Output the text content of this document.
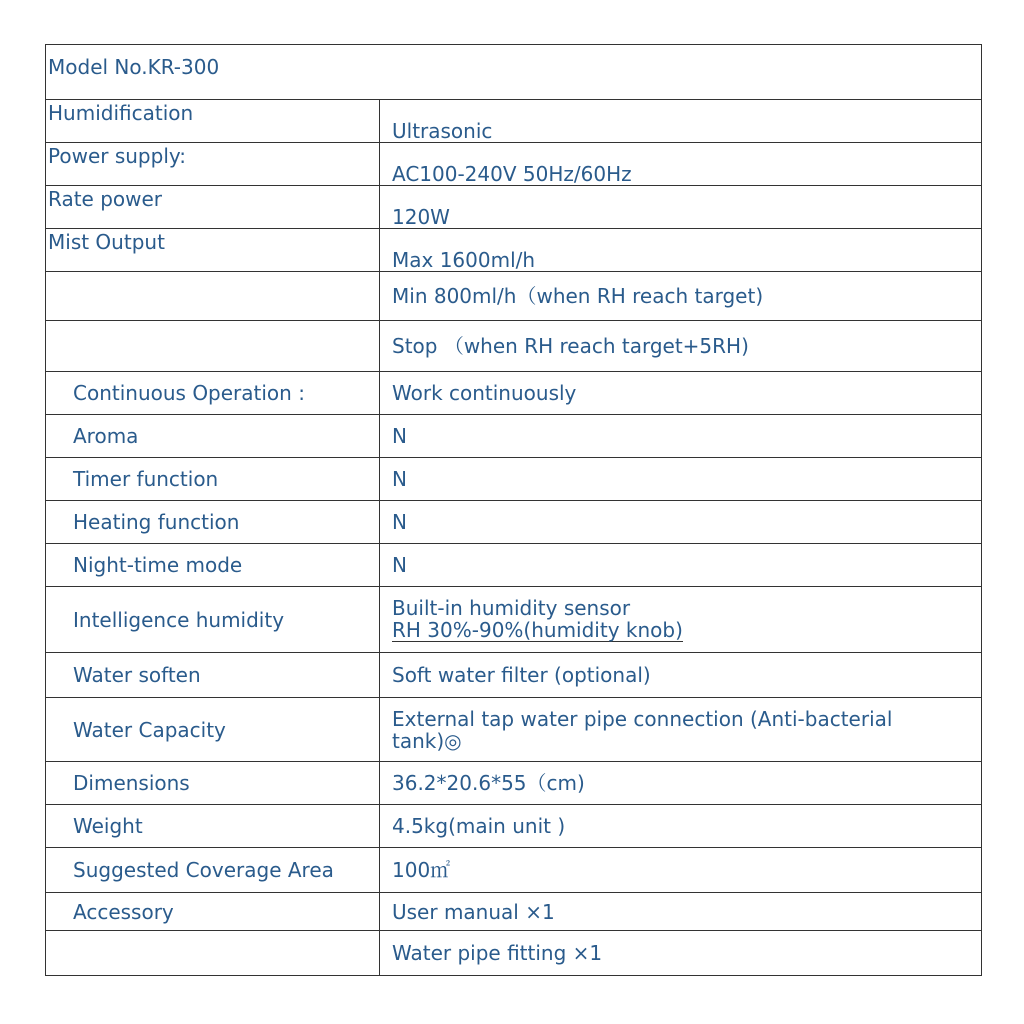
Model No.KR-300	
Humidification	Ultrasonic
Power supply:	AC100-240V 50Hz/60Hz
Rate power	120W
Mist Output	Max 1600ml/h
	Min 800ml/h（when RH reach target)
	Stop （when RH reach target+5RH)
Continuous Operation :	Work continuously
Aroma	N
Timer function	N
Heating function	N
Night-time mode	N
Intelligence humidity	Built-in humidity sensor
RH 30%-90%(humidity knob)

Water soften	Soft water filter (optional)
Water Capacity	External tap water pipe connection (Anti-bacterial
tank)◎

Dimensions	36.2*20.6*55（cm)
Weight	4.5kg(main unit )
Suggested Coverage Area	100㎡
Accessory	User manual ×1
	Water pipe fitting ×1
